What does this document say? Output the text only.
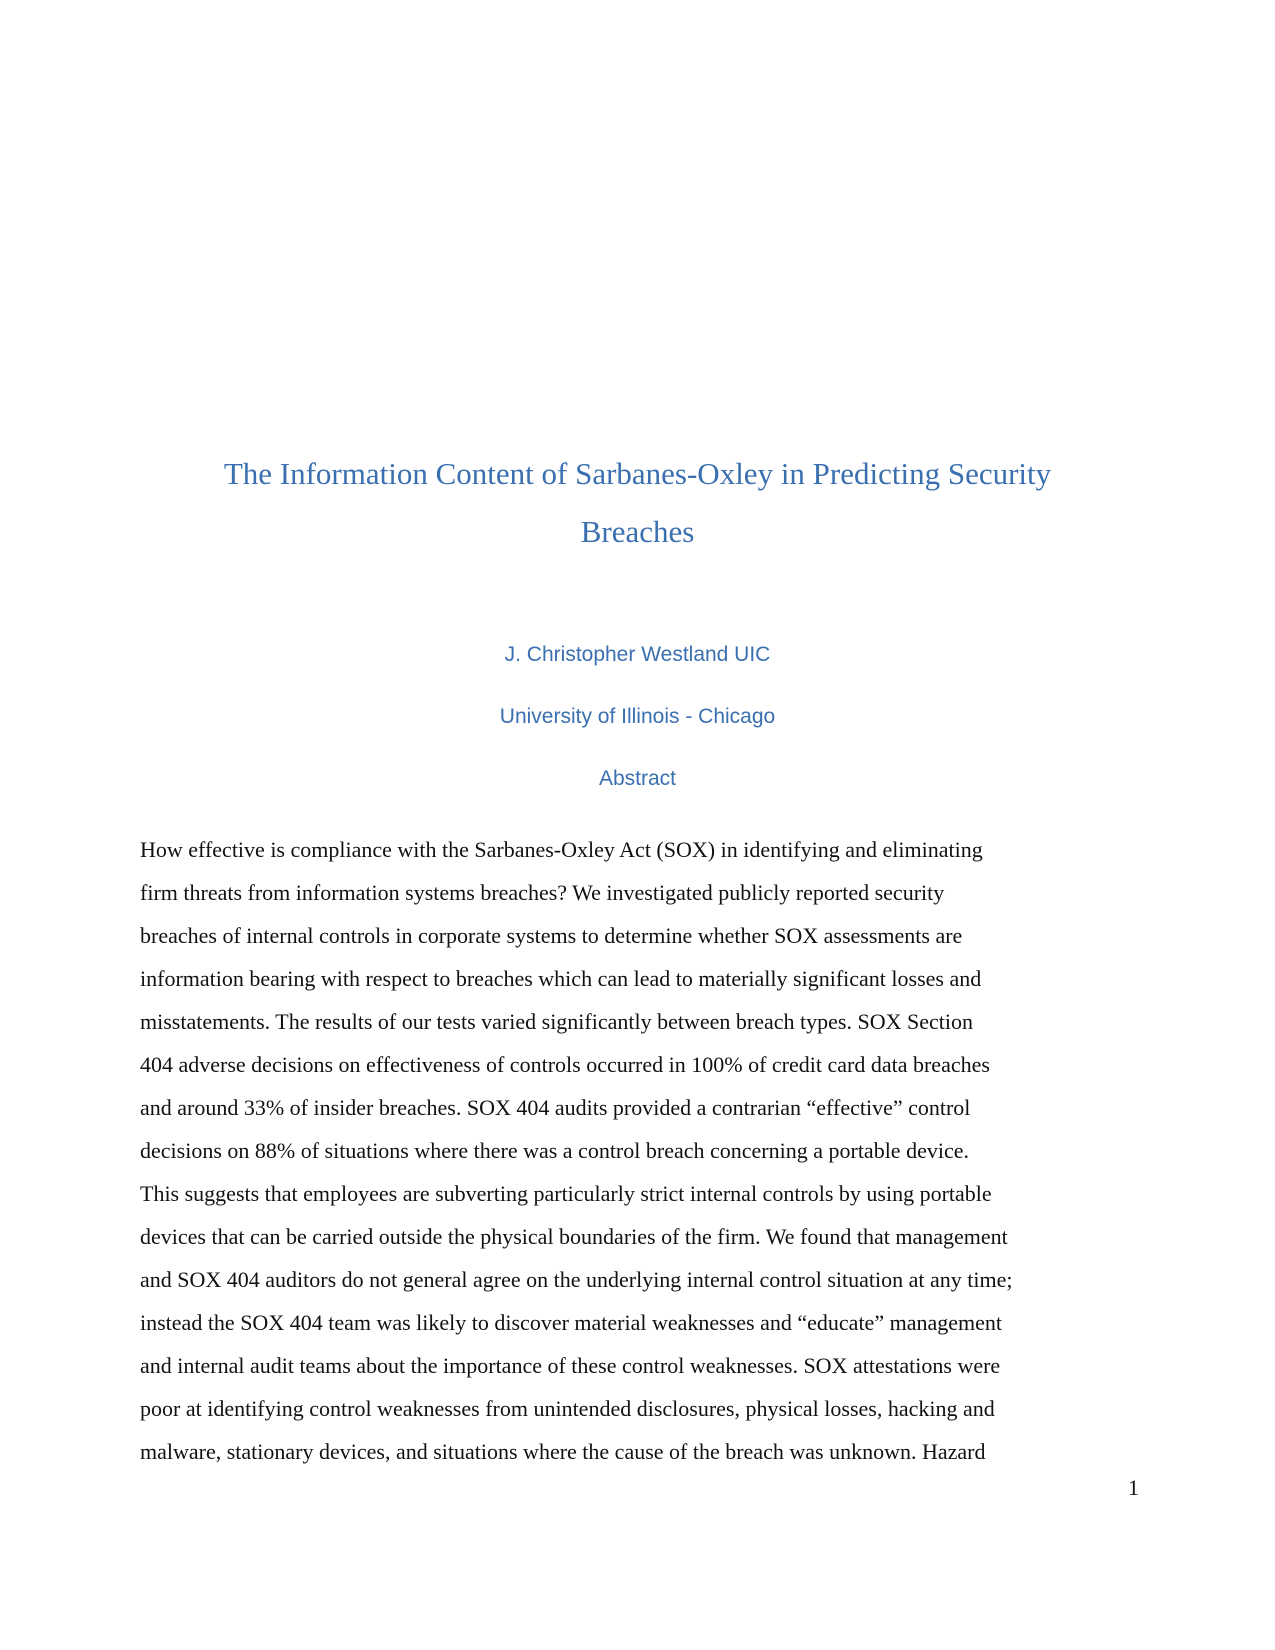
The Information Content of Sarbanes-Oxley in Predicting Security
Breaches

J. Christopher Westland UIC

University of Illinois - Chicago

Abstract

How effective is compliance with the Sarbanes-Oxley Act (SOX) in identifying and eliminating
firm threats from information systems breaches? We investigated publicly reported security
breaches of internal controls in corporate systems to determine whether SOX assessments are
information bearing with respect to breaches which can lead to materially significant losses and
misstatements. The results of our tests varied significantly between breach types. SOX Section
404 adverse decisions on effectiveness of controls occurred in 100% of credit card data breaches
and around 33% of insider breaches. SOX 404 audits provided a contrarian “effective” control
decisions on 88% of situations where there was a control breach concerning a portable device.
This suggests that employees are subverting particularly strict internal controls by using portable
devices that can be carried outside the physical boundaries of the firm. We found that management
and SOX 404 auditors do not general agree on the underlying internal control situation at any time;
instead the SOX 404 team was likely to discover material weaknesses and “educate” management
and internal audit teams about the importance of these control weaknesses. SOX attestations were
poor at identifying control weaknesses from unintended disclosures, physical losses, hacking and
malware, stationary devices, and situations where the cause of the breach was unknown. Hazard

1
